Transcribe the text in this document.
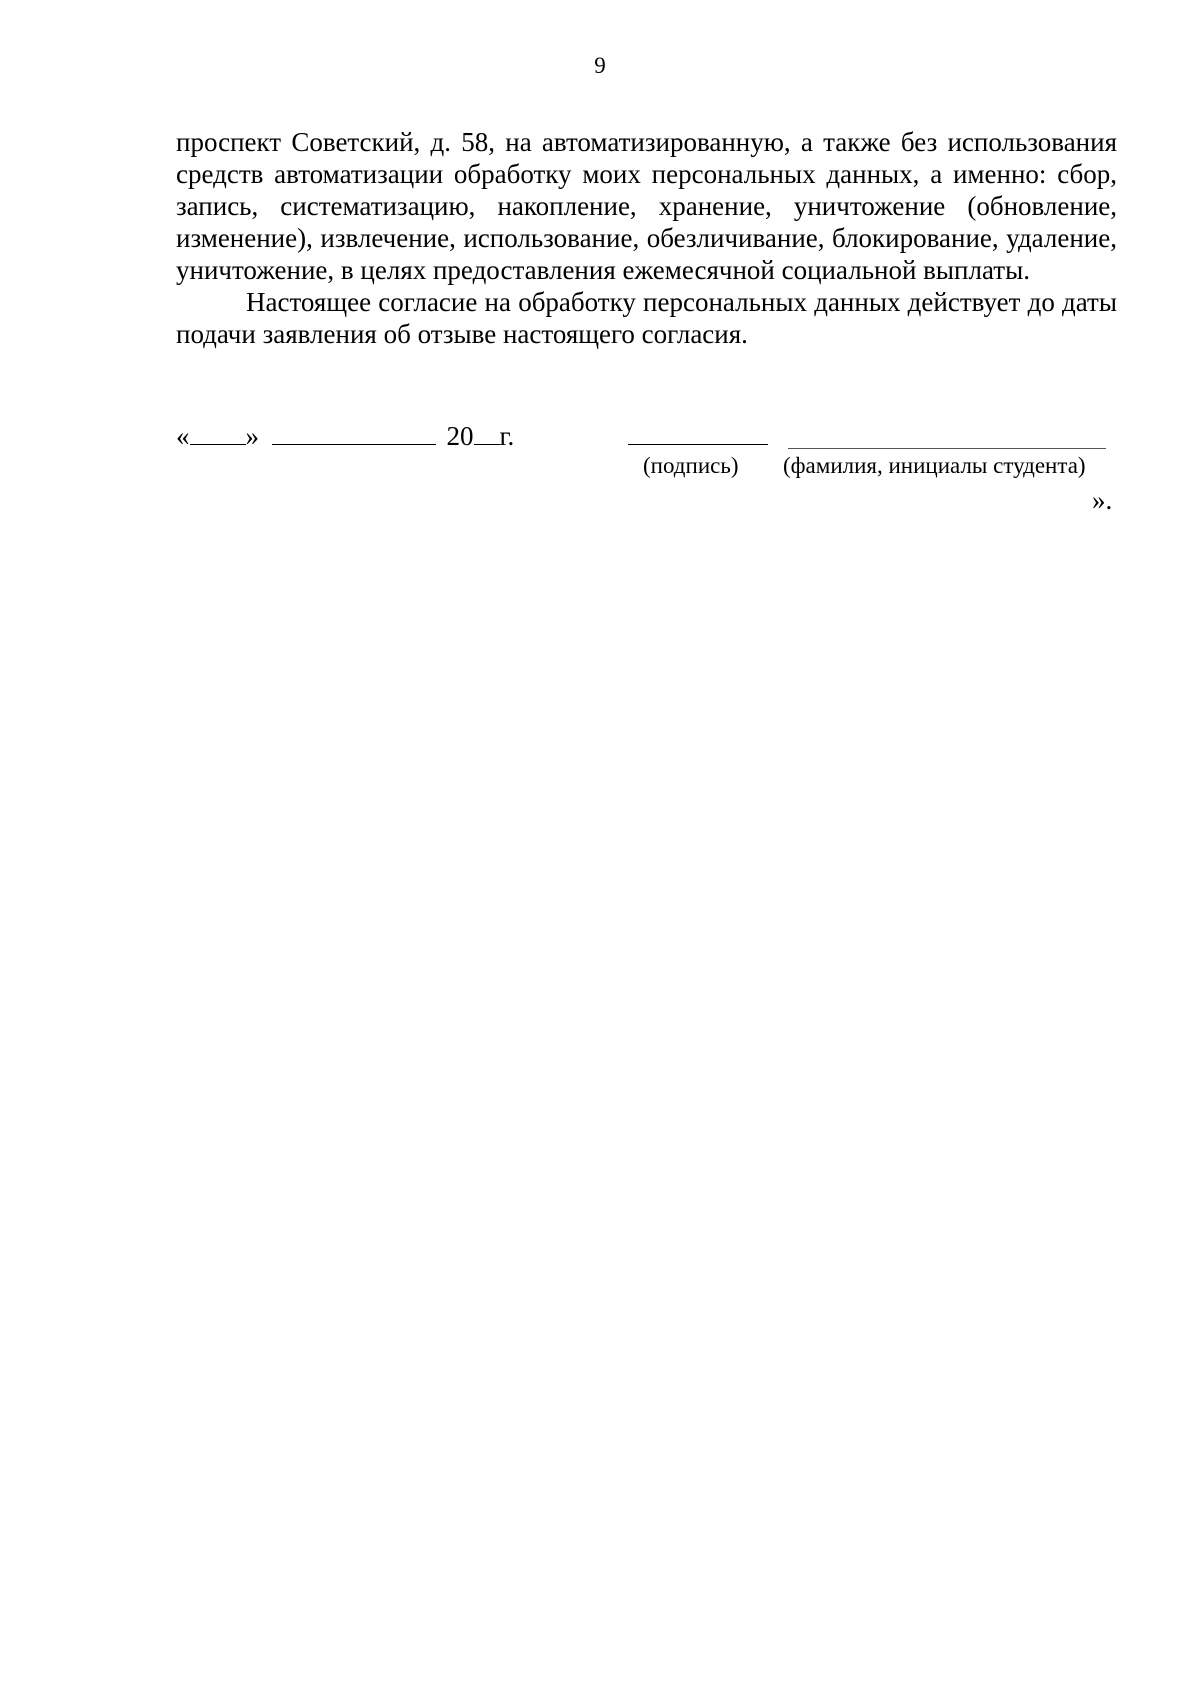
9

проспект Советский, д. 58, на автоматизированную, а также без использования средств автоматизации обработку моих персональных данных, а именно: сбор, запись, систематизацию, накопление, хранение, уничтожение (обновление, изменение), извлечение, использование, обезличивание, блокирование, удаление, уничтожение, в целях предоставления ежемесячной социальной выплаты.

Настоящее согласие на обработку персональных данных действует до даты подачи заявления об отзыве настоящего согласия.

« »	20 г.
(подпись) (фамилия, инициалы студента)
».
